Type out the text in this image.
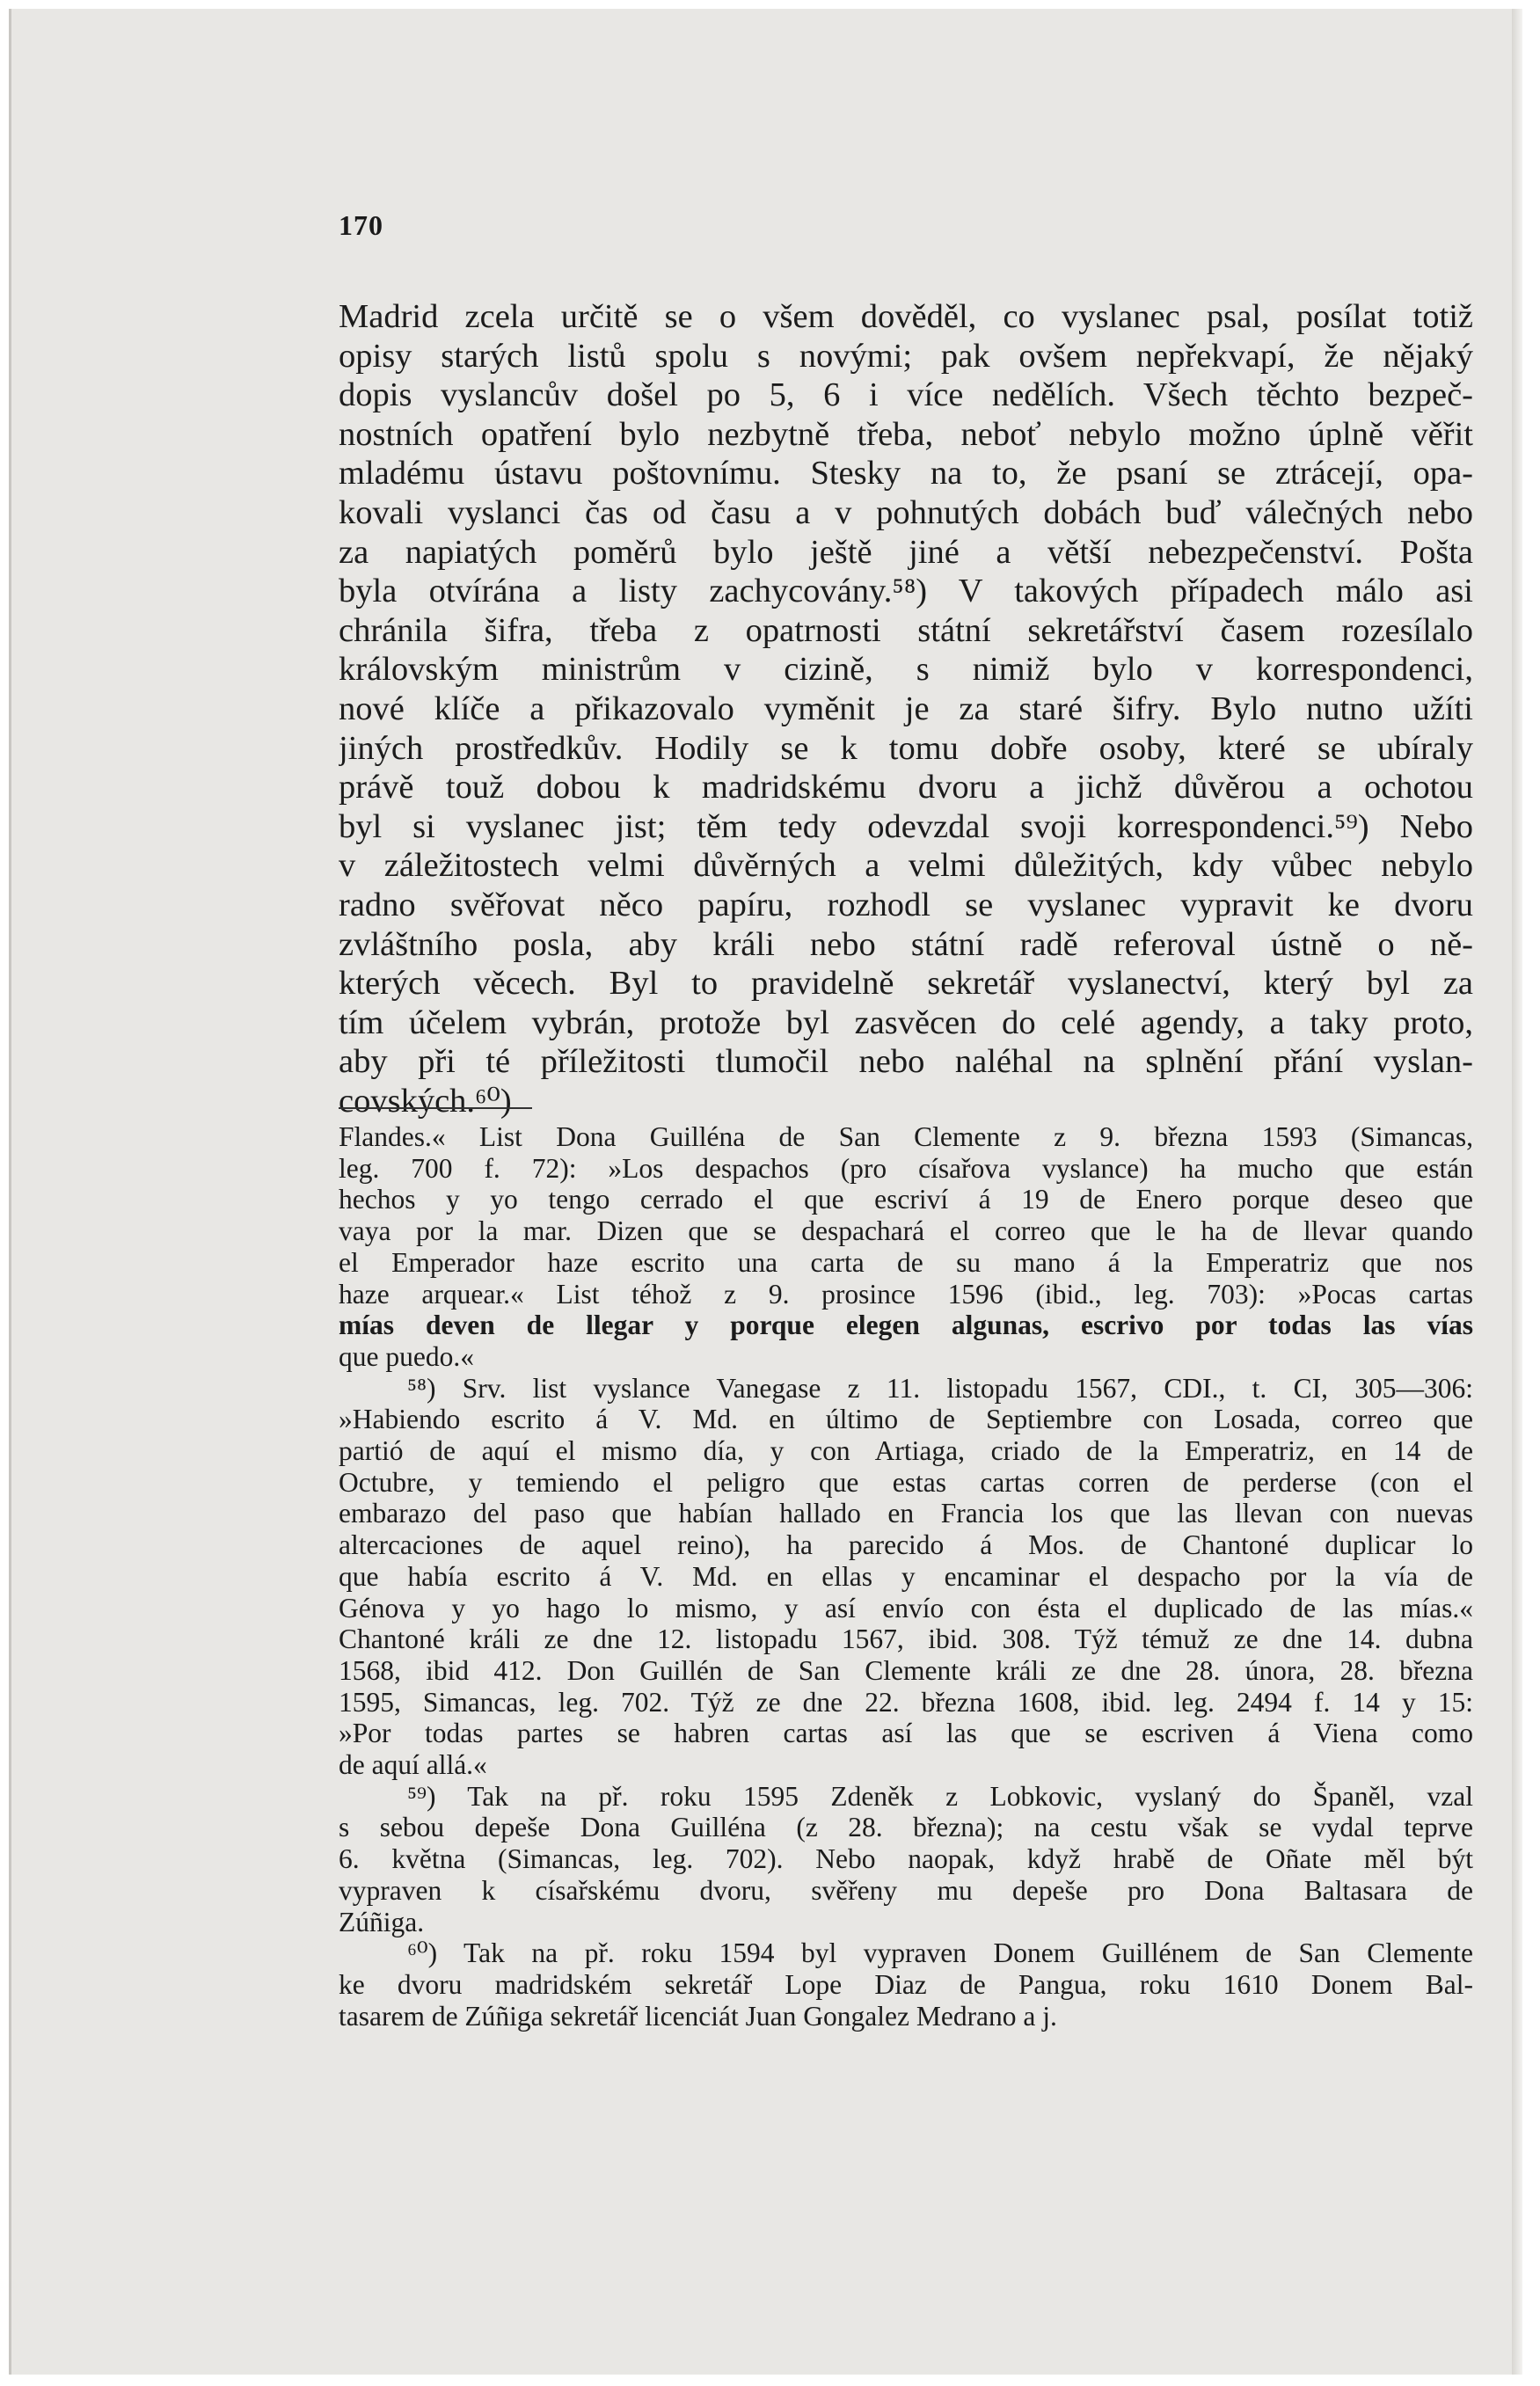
170
Madrid zcela určitě se o všem dověděl, co vyslanec psal, posílat totiž
opisy starých listů spolu s novými; pak ovšem nepřekvapí, že nějaký
dopis vyslancův došel po 5, 6 i více nedělích. Všech těchto bezpeč-
nostních opatření bylo nezbytně třeba, neboť nebylo možno úplně věřit
mladému ústavu poštovnímu. Stesky na to, že psaní se ztrácejí, opa-
kovali vyslanci čas od času a v pohnutých dobách buď válečných nebo
za napiatých poměrů bylo ještě jiné a větší nebezpečenství. Pošta
byla otvírána a listy zachycovány.⁵⁸) V takových případech málo asi
chránila šifra, třeba z opatrnosti státní sekretářství časem rozesílalo
královským ministrům v cizině, s nimiž bylo v korrespondenci,
nové klíče a přikazovalo vyměnit je za staré šifry. Bylo nutno užíti
jiných prostředkův. Hodily se k tomu dobře osoby, které se ubíraly
právě touž dobou k madridskému dvoru a jichž důvěrou a ochotou
byl si vyslanec jist; těm tedy odevzdal svoji korrespondenci.⁵⁹) Nebo
v záležitostech velmi důvěrných a velmi důležitých, kdy vůbec nebylo
radno svěřovat něco papíru, rozhodl se vyslanec vypravit ke dvoru
zvláštního posla, aby králi nebo státní radě referoval ústně o ně-
kterých věcech. Byl to pravidelně sekretář vyslanectví, který byl za
tím účelem vybrán, protože byl zasvěcen do celé agendy, a taky proto,
aby při té příležitosti tlumočil nebo naléhal na splnění přání vyslan-
covských.⁶⁰)
Flandes.« List Dona Guilléna de San Clemente z 9. března 1593 (Simancas,
leg. 700 f. 72): »Los despachos (pro císařova vyslance) ha mucho que están
hechos y yo tengo cerrado el que escriví á 19 de Enero porque deseo que
vaya por la mar. Dizen que se despachará el correo que le ha de llevar quando
el Emperador haze escrito una carta de su mano á la Emperatriz que nos
haze arquear.« List téhož z 9. prosince 1596 (ibid., leg. 703): »Pocas cartas
mías deven de llegar y porque elegen algunas, escrivo por todas las vías
que puedo.«
⁵⁸) Srv. list vyslance Vanegase z 11. listopadu 1567, CDI., t. CI, 305—306:
»Habiendo escrito á V. Md. en último de Septiembre con Losada, correo que
partió de aquí el mismo día, y con Artiaga, criado de la Emperatriz, en 14 de
Octubre, y temiendo el peligro que estas cartas corren de perderse (con el
embarazo del paso que habían hallado en Francia los que las llevan con nuevas
altercaciones de aquel reino), ha parecido á Mos. de Chantoné duplicar lo
que había escrito á V. Md. en ellas y encaminar el despacho por la vía de
Génova y yo hago lo mismo, y así envío con ésta el duplicado de las mías.«
Chantoné králi ze dne 12. listopadu 1567, ibid. 308. Týž témuž ze dne 14. dubna
1568, ibid 412. Don Guillén de San Clemente králi ze dne 28. února, 28. března
1595, Simancas, leg. 702. Týž ze dne 22. března 1608, ibid. leg. 2494 f. 14 y 15:
»Por todas partes se habren cartas así las que se escriven á Viena como
de aquí allá.«
⁵⁹) Tak na př. roku 1595 Zdeněk z Lobkovic, vyslaný do Španěl, vzal
s sebou depeše Dona Guilléna (z 28. března); na cestu však se vydal teprve
6. května (Simancas, leg. 702). Nebo naopak, když hrabě de Oñate měl být
vypraven k císařskému dvoru, svěřeny mu depeše pro Dona Baltasara de
Zúñiga.
⁶⁰) Tak na př. roku 1594 byl vypraven Donem Guillénem de San Clemente
ke dvoru madridském sekretář Lope Diaz de Pangua, roku 1610 Donem Bal-
tasarem de Zúñiga sekretář licenciát Juan Gongalez Medrano a j.
